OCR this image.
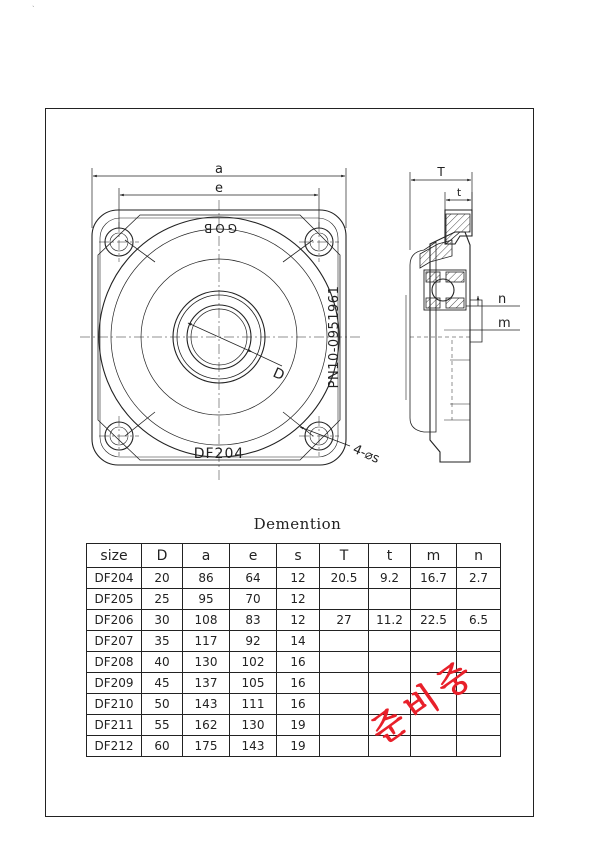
a
e
D
4-⌀s
GOB
PN10-0951961
DF204
T
t
n
m
Demention
size	D	a	e	s	T	t	m	n
DF204	20	86	64	12	20.5	9.2	16.7	2.7
DF205	25	95	70	12				
DF206	30	108	83	12	27	11.2	22.5	6.5
DF207	35	117	92	14				
DF208	40	130	102	16				
DF209	45	137	105	16				
DF210	50	143	111	16				
DF211	55	162	130	19				
DF212	60	175	143	19				준
비
중
`
